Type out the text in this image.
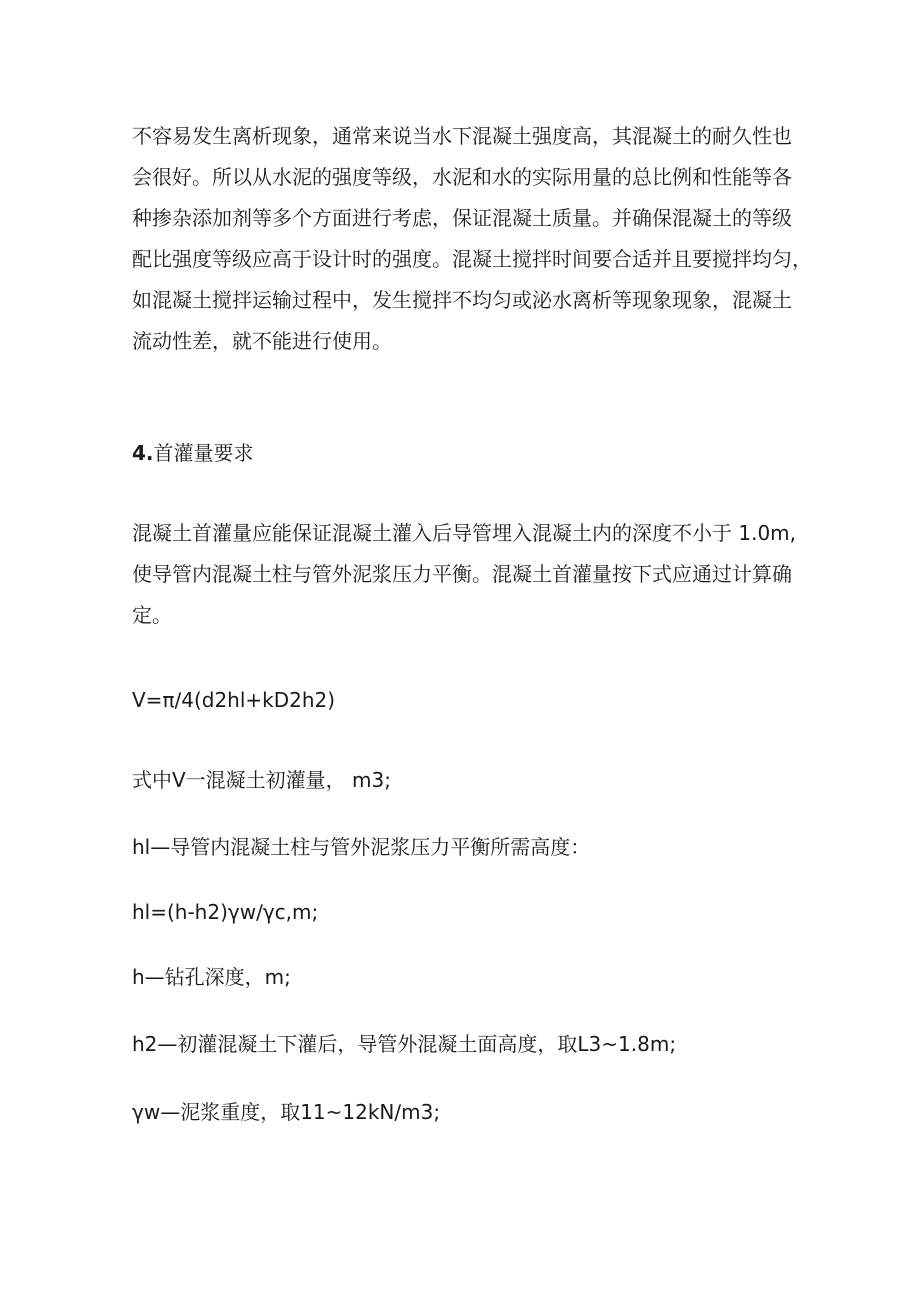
不容易发生离析现象，通常来说当水下混凝土强度高，其混凝土的耐久性也
会很好。所以从水泥的强度等级，水泥和水的实际用量的总比例和性能等各
种掺杂添加剂等多个方面进行考虑，保证混凝土质量。并确保混凝土的等级
配比强度等级应高于设计时的强度。混凝土搅拌时间要合适并且要搅拌均匀，
如混凝土搅拌运输过程中，发生搅拌不均匀或泌水离析等现象现象，混凝土
流动性差，就不能进行使用。
4.首灌量要求
混凝土首灌量应能保证混凝土灌入后导管埋入混凝土内的深度不小于 1.0m,
使导管内混凝土柱与管外泥浆压力平衡。混凝土首灌量按下式应通过计算确
定。
V=π∕4(d2hl+kD2h2)
式中V一混凝土初灌量， m3;
hl—导管内混凝土柱与管外泥浆压力平衡所需高度：
hl=(h-h2)γw∕γc,m;
h—钻孔深度，m;
h2—初灌混凝土下灌后，导管外混凝土面高度，取L3~1.8m;
γw—泥浆重度，取11~12kN∕m3;
